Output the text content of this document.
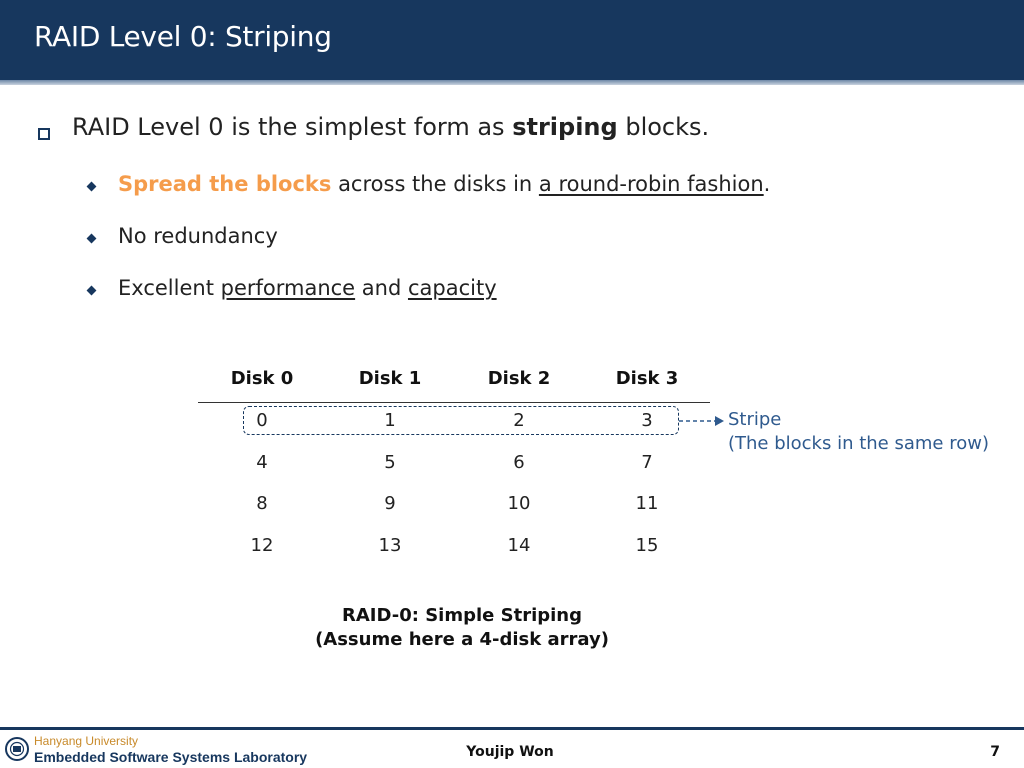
RAID Level 0: Striping
RAID Level 0 is the simplest form as striping blocks.
Spread the blocks across the disks in a round-robin fashion.
No redundancy
Excellent performance and capacity
Disk 0	Disk 1	Disk 2	Disk 3
0	1	2	3
4	5	6	7
8	9	10	11
12	13	14	15
Stripe
(The blocks in the same row)
RAID-0: Simple Striping
(Assume here a 4-disk array)
Hanyang University
Embedded Software Systems Laboratory	Youjip Won	7
